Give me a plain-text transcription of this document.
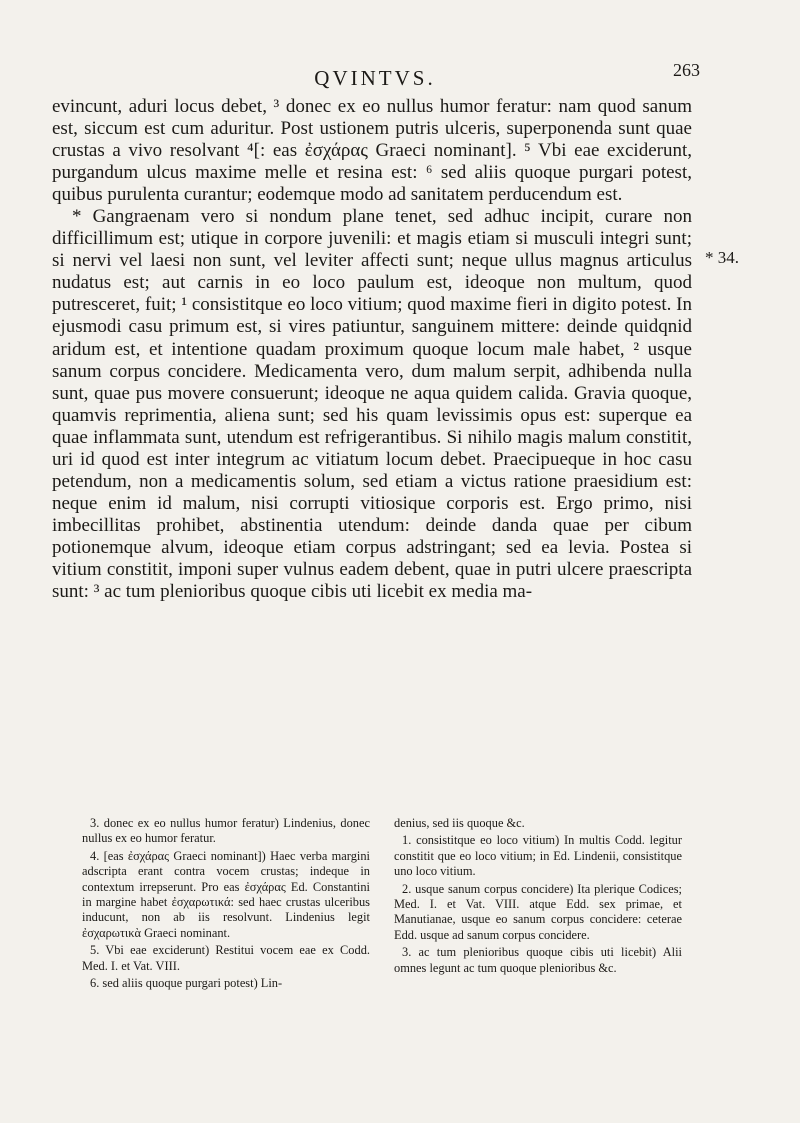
QVINTVS.	263
* 34.

evincunt, aduri locus debet, ³ donec ex eo nullus humor feratur: nam quod sanum est, siccum est cum aduritur. Post ustionem putris ulceris, superponenda sunt quae crustas a vivo resolvant ⁴[: eas ἐσχάρας Graeci nominant]. ⁵ Vbi eae exciderunt, purgandum ulcus maxime melle et resina est: ⁶ sed aliis quoque purgari potest, quibus purulenta curantur; eodemque modo ad sanitatem perducendum est.

* Gangraenam vero si nondum plane tenet, sed adhuc incipit, curare non difficillimum est; utique in corpore juvenili: et magis etiam si musculi integri sunt; si nervi vel laesi non sunt, vel leviter affecti sunt; neque ullus magnus articulus nudatus est; aut carnis in eo loco paulum est, ideoque non multum, quod putresceret, fuit; ¹ consistitque eo loco vitium; quod maxime fieri in digito potest. In ejusmodi casu primum est, si vires patiuntur, sanguinem mittere: deinde quidqnid aridum est, et intentione quadam proximum quoque locum male habet, ² usque sanum corpus concidere. Medicamenta vero, dum malum serpit, adhibenda nulla sunt, quae pus movere consuerunt; ideoque ne aqua quidem calida. Gravia quoque, quamvis reprimentia, aliena sunt; sed his quam levissimis opus est: superque ea quae inflammata sunt, utendum est refrigerantibus. Si nihilo magis malum constitit, uri id quod est inter integrum ac vitiatum locum debet. Praecipueque in hoc casu petendum, non a medicamentis solum, sed etiam a victus ratione praesidium est: neque enim id malum, nisi corrupti vitiosique corporis est. Ergo primo, nisi imbecillitas prohibet, abstinentia utendum: deinde danda quae per cibum potionemque alvum, ideoque etiam corpus adstringant; sed ea levia. Postea si vitium constitit, imponi super vulnus eadem debent, quae in putri ulcere praescripta sunt: ³ ac tum plenioribus quoque cibis uti licebit ex media ma-

3. donec ex eo nullus humor feratur) Lindenius, donec nullus ex eo humor feratur.

4. [eas ἐσχάρας Graeci nominant]) Haec verba margini adscripta erant contra vocem crustas; indeque in contextum irrepserunt. Pro eas ἐσχάρας Ed. Constantini in margine habet ἐσχαρωτικά: sed haec crustas ulceribus inducunt, non ab iis resolvunt. Lindenius legit ἐσχαρωτικὰ Graeci nominant.

5. Vbi eae exciderunt) Restitui vocem eae ex Codd. Med. I. et Vat. VIII.

6. sed aliis quoque purgari potest) Lin-

denius, sed iis quoque &c.

1. consistitque eo loco vitium) In multis Codd. legitur constitit que eo loco vitium; in Ed. Lindenii, consistitque uno loco vitium.

2. usque sanum corpus concidere) Ita plerique Codices; Med. I. et Vat. VIII. atque Edd. sex primae, et Manutianae, usque eo sanum corpus concidere: ceterae Edd. usque ad sanum corpus concidere.

3. ac tum plenioribus quoque cibis uti licebit) Alii omnes legunt ac tum quoque plenioribus &c.
